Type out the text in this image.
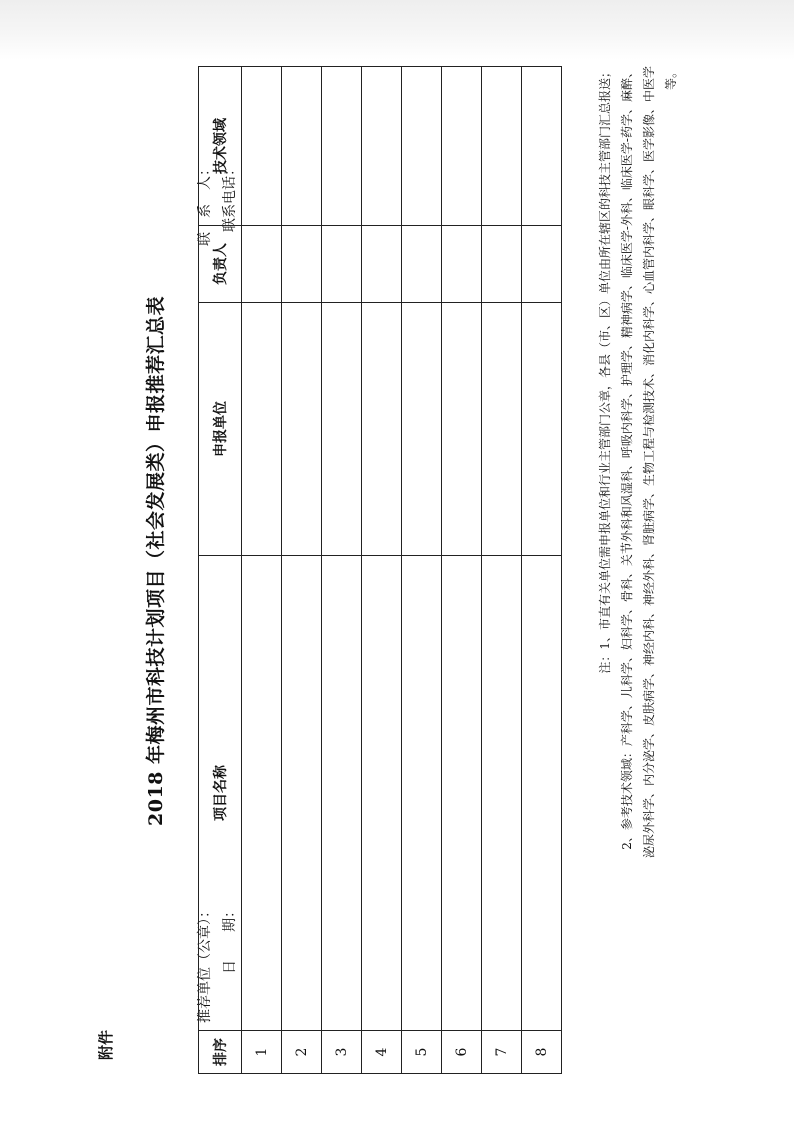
附件

2018 年梅州市科技计划项目（社会发展类）申报推荐汇总表

推荐单位（公章）： 日　　期：

联　系　人： 联系电话：

排序	项目名称	申报单位	负责人	技术领域
1				
2				
3				
4				
5				
6				
7				
8				

注：1、市直有关单位需申报单位和行业主管部门公章，各县（市、区）单位由所在辖区的科技主管部门汇总报送； 　　2、参考技术领域：产科学、儿科学、妇科学、骨科、关节外科和风湿科、呼吸内科学、护理学、精神病学、临床医学-外科、临床医学-药学、麻醉、 泌尿外科学、内分泌学、皮肤病学、神经内科、神经外科、肾脏病学、生物工程与检测技术、消化内科学、心血管内科学、眼科学、医学影像、中医学 等。
